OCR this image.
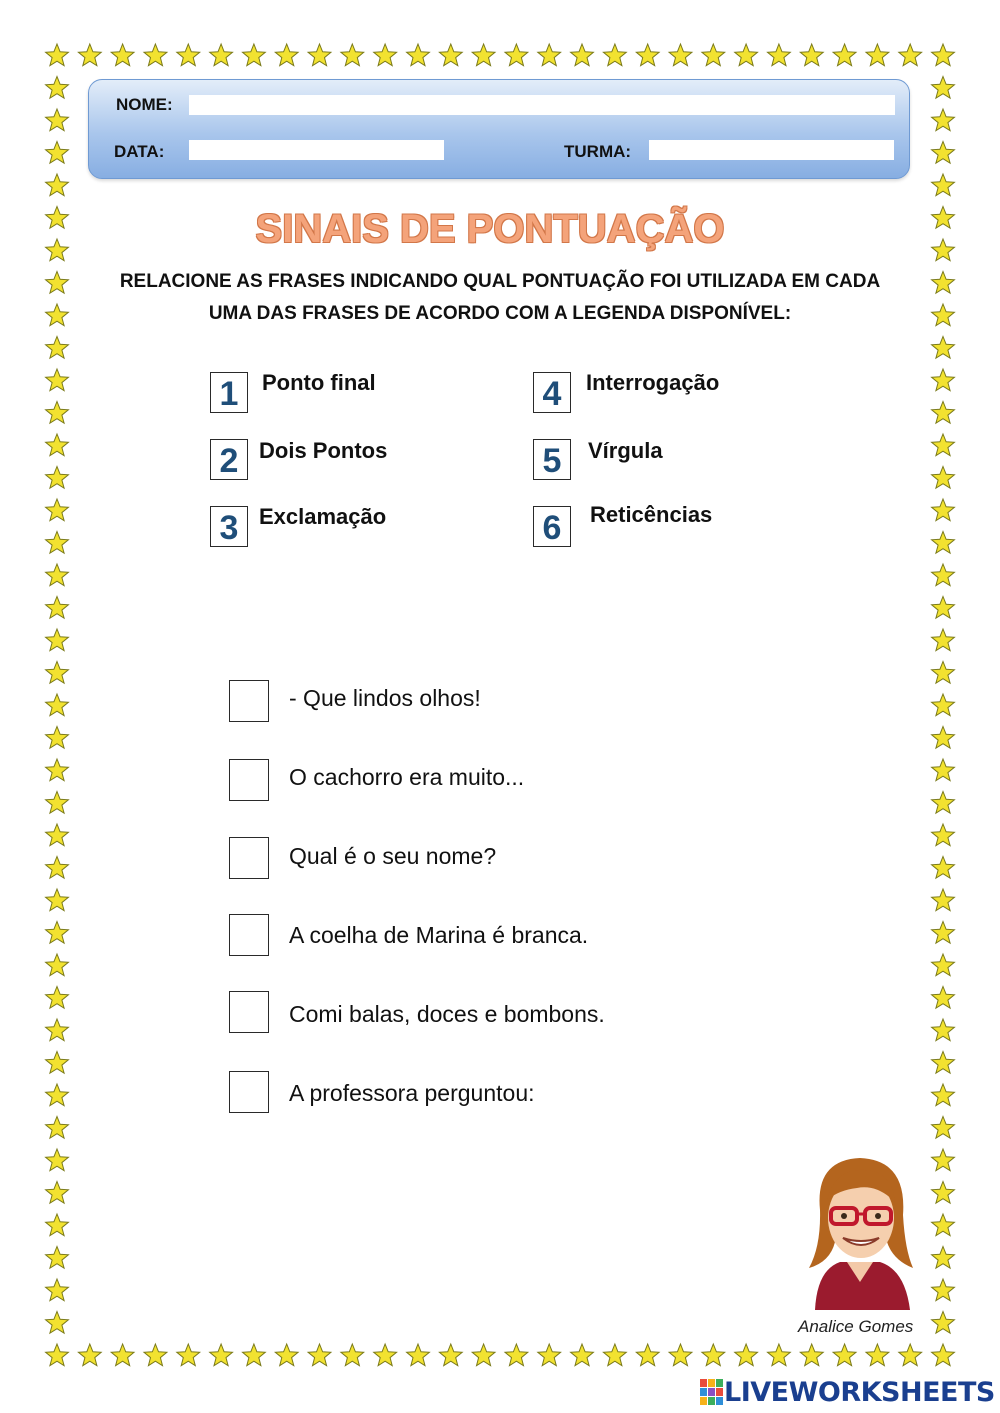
NOME:
DATA:	TURMA:
SINAIS DE PONTUAÇÃO
RELACIONE AS FRASES INDICANDO QUAL PONTUAÇÃO FOI UTILIZADA EM CADA
UMA DAS FRASES DE ACORDO COM A LEGENDA DISPONÍVEL:
1	Ponto final
2 Dois Pontos
3 Exclamação
4	Interrogação
5	Vírgula
6	Reticências
- Que lindos olhos!
O cachorro era muito...
Qual é o seu nome?
A coelha de Marina é branca.
Comi balas, doces e bombons.
A professora perguntou:
Analice Gomes
LIVEWORKSHEETS
